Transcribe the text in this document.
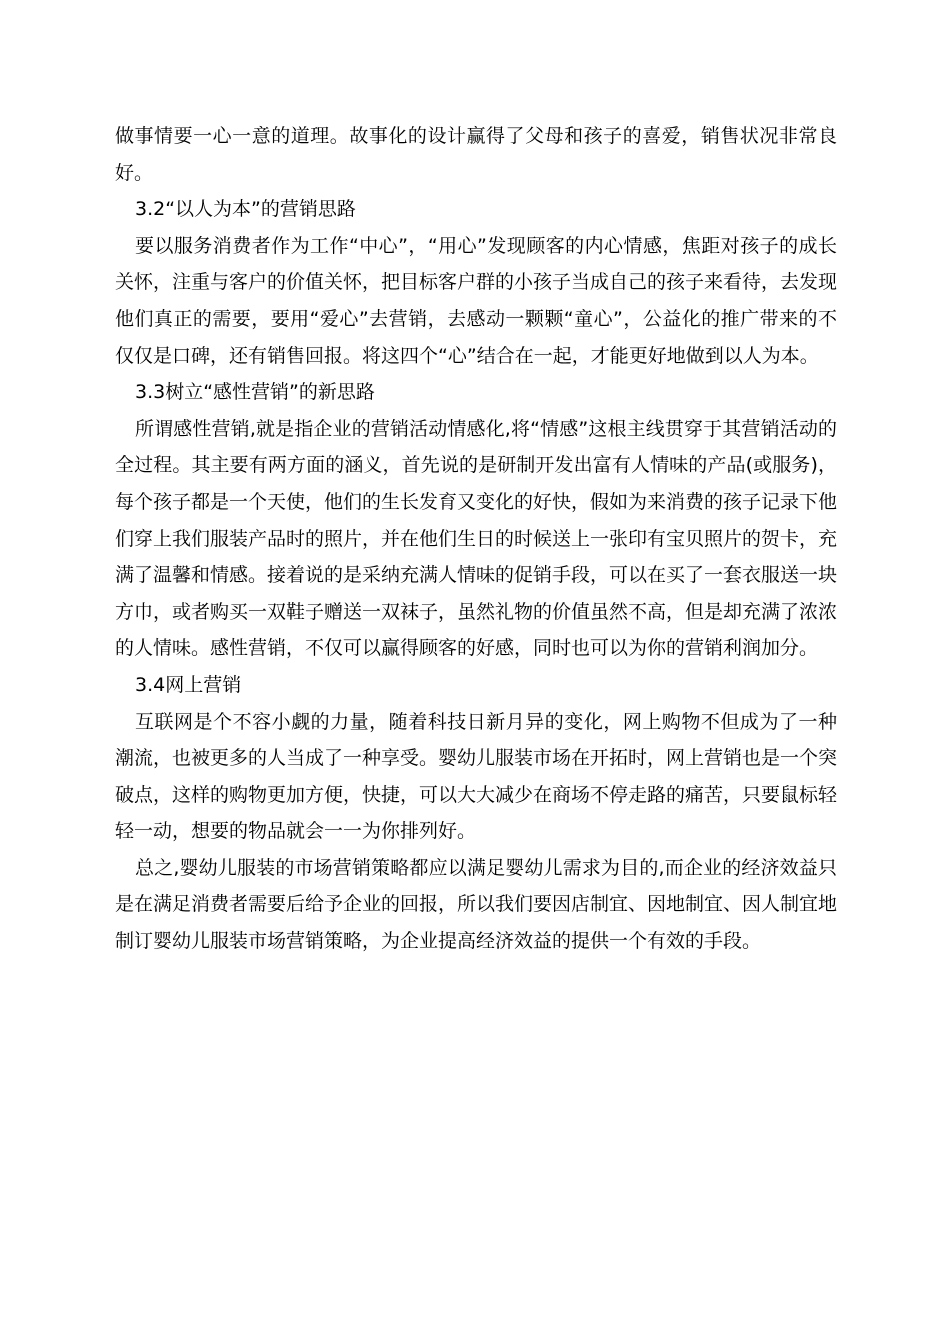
做事情要一心一意的道理。故事化的设计赢得了父母和孩子的喜爱，销售状况非常良好。

3.2“以人为本”的营销思路

要以服务消费者作为工作“中心”，“用心”发现顾客的内心情感，焦距对孩子的成长关怀，注重与客户的价值关怀，把目标客户群的小孩子当成自己的孩子来看待，去发现他们真正的需要，要用“爱心”去营销，去感动一颗颗“童心”，公益化的推广带来的不仅仅是口碑，还有销售回报。将这四个“心”结合在一起，才能更好地做到以人为本。

3.3树立“感性营销”的新思路

所谓感性营销,就是指企业的营销活动情感化,将“情感”这根主线贯穿于其营销活动的全过程。其主要有两方面的涵义，首先说的是研制开发出富有人情味的产品(或服务)，每个孩子都是一个天使，他们的生长发育又变化的好快，假如为来消费的孩子记录下他们穿上我们服装产品时的照片，并在他们生日的时候送上一张印有宝贝照片的贺卡，充满了温馨和情感。接着说的是采纳充满人情味的促销手段，可以在买了一套衣服送一块方巾，或者购买一双鞋子赠送一双袜子，虽然礼物的价值虽然不高，但是却充满了浓浓的人情味。感性营销，不仅可以赢得顾客的好感，同时也可以为你的营销利润加分。

3.4网上营销

互联网是个不容小觑的力量，随着科技日新月异的变化，网上购物不但成为了一种潮流，也被更多的人当成了一种享受。婴幼儿服装市场在开拓时，网上营销也是一个突破点，这样的购物更加方便，快捷，可以大大减少在商场不停走路的痛苦，只要鼠标轻轻一动，想要的物品就会一一为你排列好。

总之,婴幼儿服装的市场营销策略都应以满足婴幼儿需求为目的,而企业的经济效益只是在满足消费者需要后给予企业的回报，所以我们要因店制宜、因地制宜、因人制宜地制订婴幼儿服装市场营销策略，为企业提高经济效益的提供一个有效的手段。
